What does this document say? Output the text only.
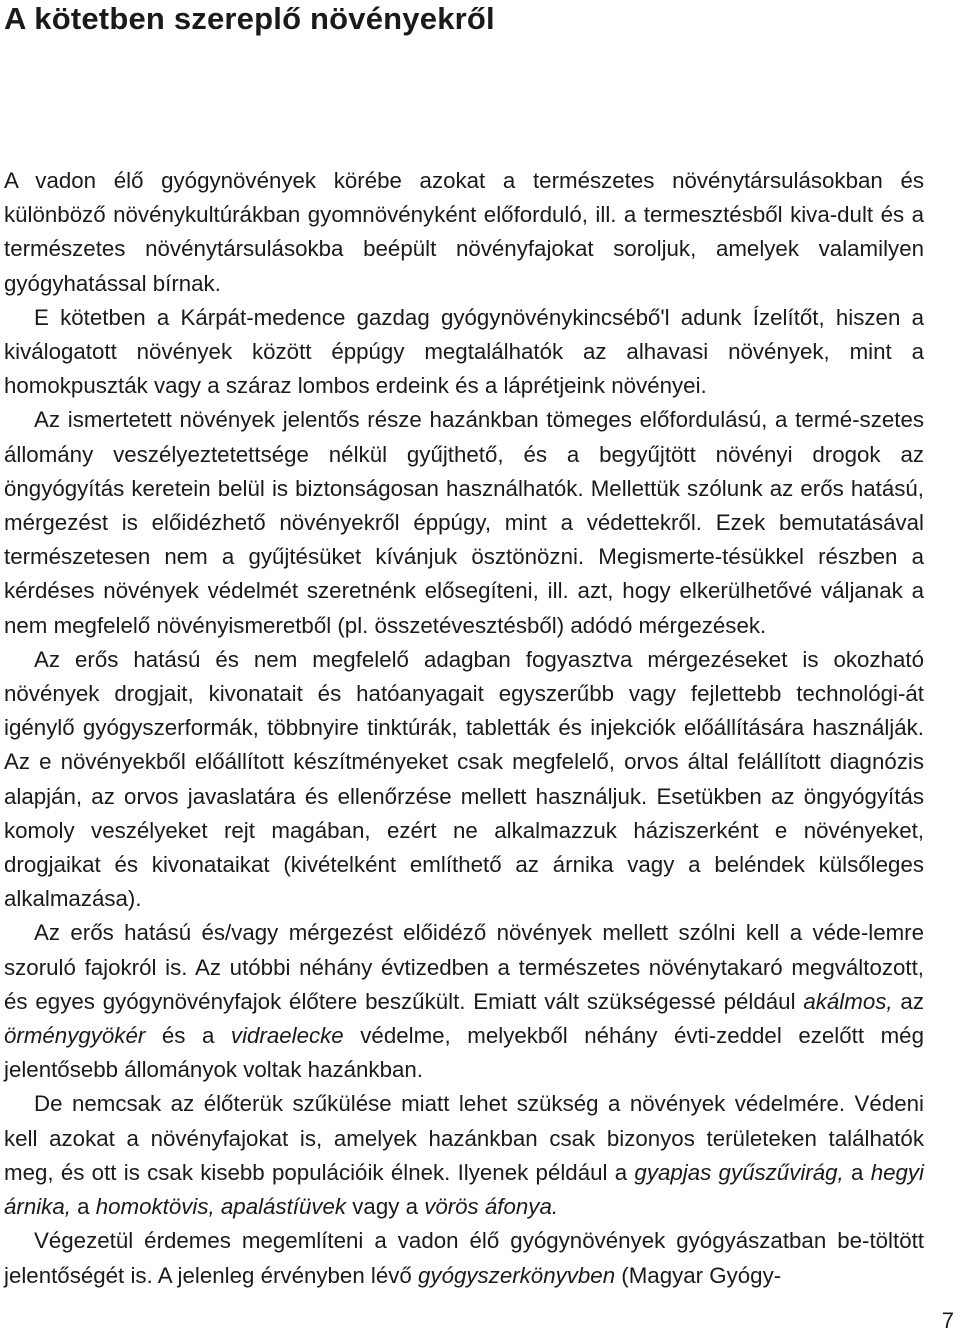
A kötetben szereplő növényekről

A vadon élő gyógynövények körébe azokat a természetes növénytársulásokban és különböző növénykultúrákban gyomnövényként előforduló, ill. a termesztésből kiva-dult és a természetes növénytársulásokba beépült növényfajokat soroljuk, amelyek valamilyen gyógyhatással bírnak.

E kötetben a Kárpát-medence gazdag gyógynövénykincsébő'l adunk Ízelítőt, hiszen a kiválogatott növények között éppúgy megtalálhatók az alhavasi növények, mint a homokpuszták vagy a száraz lombos erdeink és a láprétjeink növényei.

Az ismertetett növények jelentős része hazánkban tömeges előfordulású, a termé-szetes állomány veszélyeztetettsége nélkül gyűjthető, és a begyűjtött növényi drogok az öngyógyítás keretein belül is biztonságosan használhatók. Mellettük szólunk az erős hatású, mérgezést is előidézhető növényekről éppúgy, mint a védettekről. Ezek bemutatásával természetesen nem a gyűjtésüket kívánjuk ösztönözni. Megismerte-tésükkel részben a kérdéses növények védelmét szeretnénk elősegíteni, ill. azt, hogy elkerülhetővé váljanak a nem megfelelő növényismeretből (pl. összetévesztésből) adódó mérgezések.

Az erős hatású és nem megfelelő adagban fogyasztva mérgezéseket is okozható növények drogjait, kivonatait és hatóanyagait egyszerűbb vagy fejlettebb technológi-át igénylő gyógyszerformák, többnyire tinktúrák, tabletták és injekciók előállítására használják. Az e növényekből előállított készítményeket csak megfelelő, orvos által felállított diagnózis alapján, az orvos javaslatára és ellenőrzése mellett használjuk. Esetükben az öngyógyítás komoly veszélyeket rejt magában, ezért ne alkalmazzuk háziszerként e növényeket, drogjaikat és kivonataikat (kivételként említhető az árnika vagy a beléndek külsőleges alkalmazása).

Az erős hatású és/vagy mérgezést előidéző növények mellett szólni kell a véde-lemre szoruló fajokról is. Az utóbbi néhány évtizedben a természetes növénytakaró megváltozott, és egyes gyógynövényfajok élőtere beszűkült. Emiatt vált szükségessé például akálmos, az örménygyökér és a vidraelecke védelme, melyekből néhány évti-zeddel ezelőtt még jelentősebb állományok voltak hazánkban.

De nemcsak az élőterük szűkülése miatt lehet szükség a növények védelmére. Védeni kell azokat a növényfajokat is, amelyek hazánkban csak bizonyos területeken találhatók meg, és ott is csak kisebb populációik élnek. Ilyenek például a gyapjas gyűszűvirág, a hegyi árnika, a homoktövis, apalástíüvek vagy a vörös áfonya.

Végezetül érdemes megemlíteni a vadon élő gyógynövények gyógyászatban be-töltött jelentőségét is. A jelenleg érvényben lévő gyógyszerkönyvben (Magyar Gyógy-

7
